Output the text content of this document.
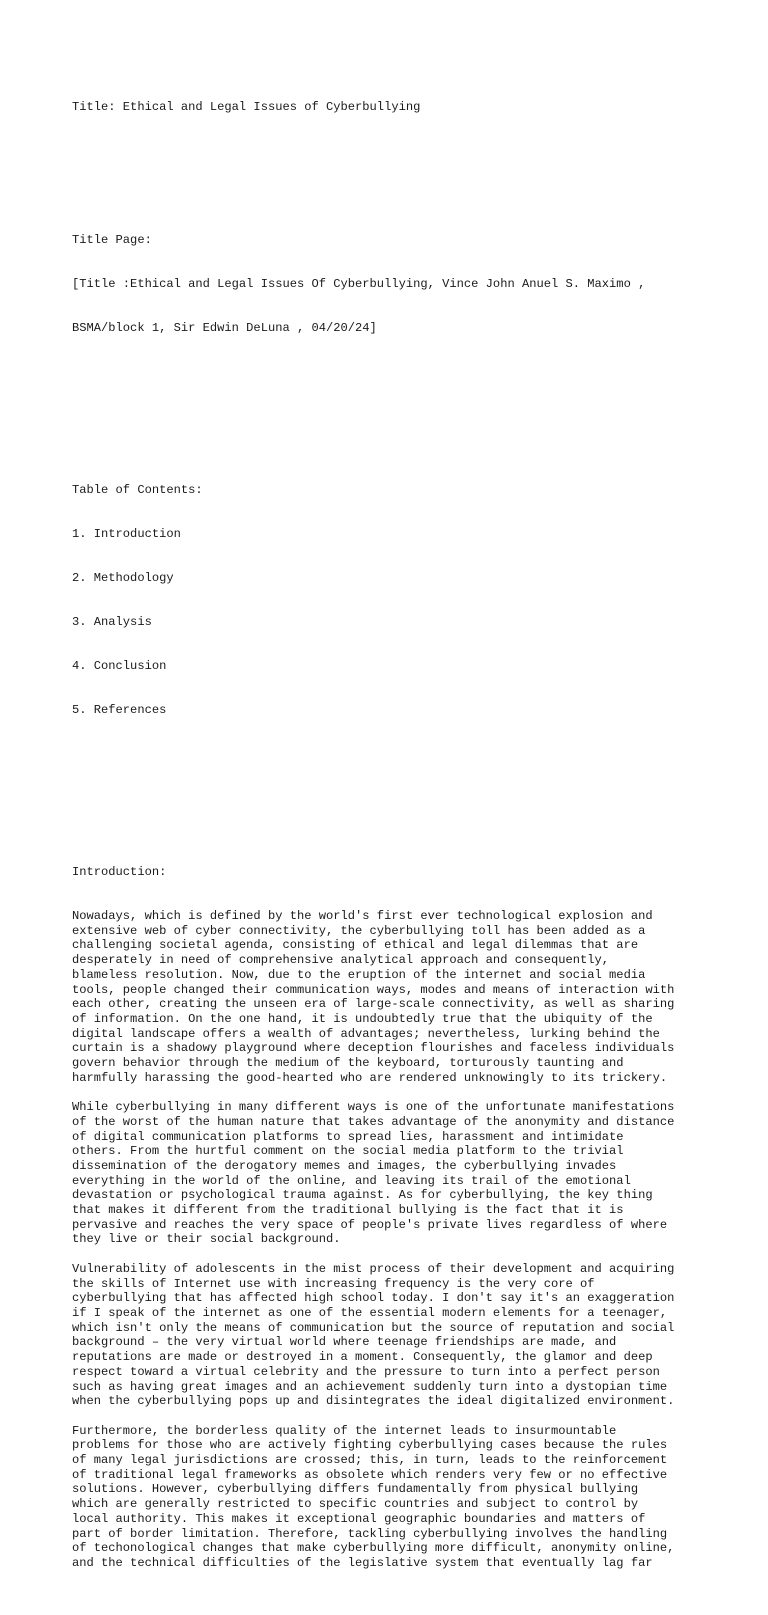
Title: Ethical and Legal Issues of Cyberbullying

Title Page:

[Title :Ethical and Legal Issues Of Cyberbullying, Vince John Anuel S. Maximo ,

BSMA/block 1, Sir Edwin DeLuna , 04/20/24]

Table of Contents:

1. Introduction

2. Methodology

3. Analysis

4. Conclusion

5. References

Introduction:

Nowadays, which is defined by the world's first ever technological explosion and
extensive web of cyber connectivity, the cyberbullying toll has been added as a
challenging societal agenda, consisting of ethical and legal dilemmas that are
desperately in need of comprehensive analytical approach and consequently,
blameless resolution. Now, due to the eruption of the internet and social media
tools, people changed their communication ways, modes and means of interaction with
each other, creating the unseen era of large-scale connectivity, as well as sharing
of information. On the one hand, it is undoubtedly true that the ubiquity of the
digital landscape offers a wealth of advantages; nevertheless, lurking behind the
curtain is a shadowy playground where deception flourishes and faceless individuals
govern behavior through the medium of the keyboard, torturously taunting and
harmfully harassing the good-hearted who are rendered unknowingly to its trickery.
While cyberbullying in many different ways is one of the unfortunate manifestations
of the worst of the human nature that takes advantage of the anonymity and distance
of digital communication platforms to spread lies, harassment and intimidate
others. From the hurtful comment on the social media platform to the trivial
dissemination of the derogatory memes and images, the cyberbullying invades
everything in the world of the online, and leaving its trail of the emotional
devastation or psychological trauma against. As for cyberbullying, the key thing
that makes it different from the traditional bullying is the fact that it is
pervasive and reaches the very space of people's private lives regardless of where
they live or their social background.
Vulnerability of adolescents in the mist process of their development and acquiring
the skills of Internet use with increasing frequency is the very core of
cyberbullying that has affected high school today. I don't say it's an exaggeration
if I speak of the internet as one of the essential modern elements for a teenager,
which isn't only the means of communication but the source of reputation and social
background – the very virtual world where teenage friendships are made, and
reputations are made or destroyed in a moment. Consequently, the glamor and deep
respect toward a virtual celebrity and the pressure to turn into a perfect person
such as having great images and an achievement suddenly turn into a dystopian time
when the cyberbullying pops up and disintegrates the ideal digitalized environment.
Furthermore, the borderless quality of the internet leads to insurmountable
problems for those who are actively fighting cyberbullying cases because the rules
of many legal jurisdictions are crossed; this, in turn, leads to the reinforcement
of traditional legal frameworks as obsolete which renders very few or no effective
solutions. However, cyberbullying differs fundamentally from physical bullying
which are generally restricted to specific countries and subject to control by
local authority. This makes it exceptional geographic boundaries and matters of
part of border limitation. Therefore, tackling cyberbullying involves the handling
of techonological changes that make cyberbullying more difficult, anonymity online,
and the technical difficulties of the legislative system that eventually lag far
